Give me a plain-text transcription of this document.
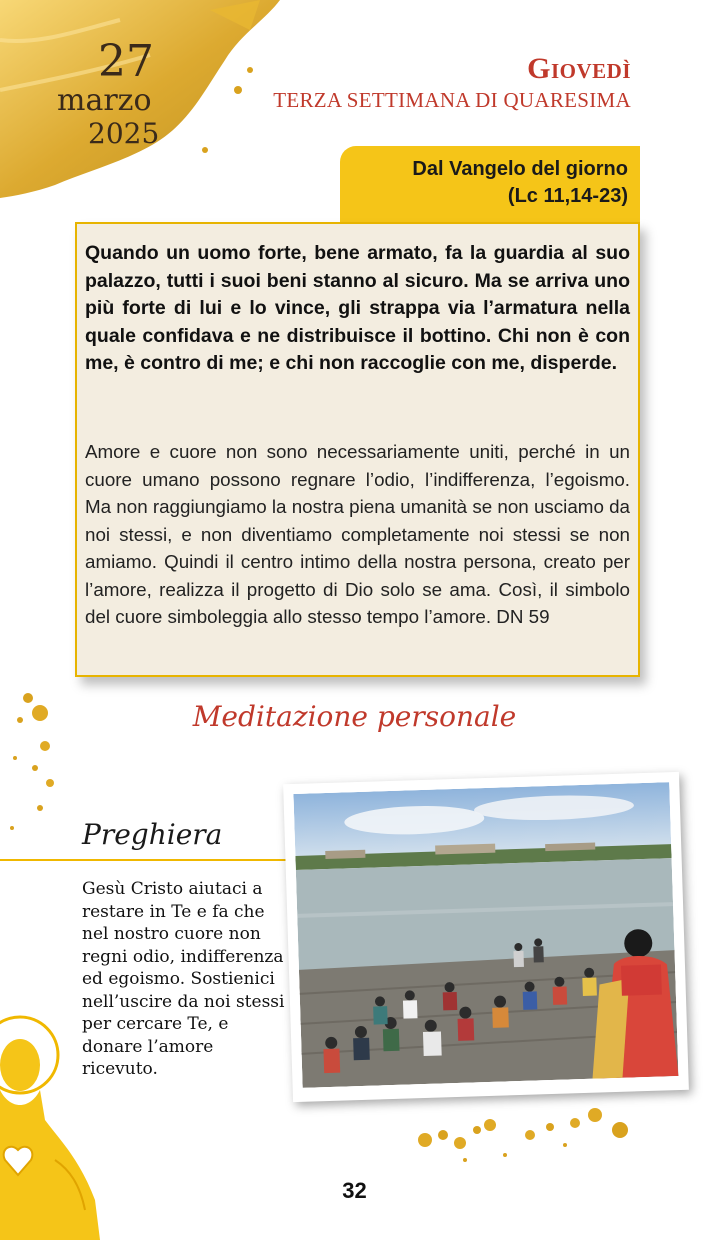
27
marzo
2025
Giovedì
TERZA SETTIMANA DI QUARESIMA
Dal Vangelo del giorno
(Lc 11,14-23)
Quando un uomo forte, bene armato, fa la guardia al suo palazzo, tutti i suoi beni stanno al sicuro. Ma se arriva uno più forte di lui e lo vince, gli strappa via l’armatura nella quale confidava e ne distribuisce il bottino. Chi non è con me, è contro di me; e chi non raccoglie con me, disperde.
Amore e cuore non sono necessariamente uniti, perché in un cuore umano possono regnare l’odio, l’indifferenza, l’egoismo. Ma non raggiungiamo la nostra piena umanità se non usciamo da noi stessi, e non diventiamo completamente noi stessi se non amiamo. Quindi il centro intimo della nostra persona, creato per l’amore, realizza il progetto di Dio solo se ama. Così, il simbolo del cuore simboleggia allo stesso tempo l’amore. DN 59
Meditazione personale
Preghiera
Gesù Cristo aiutaci a restare in Te e fa che nel nostro cuore non regni odio, indifferenza ed egoismo. Sostienici nell’uscire da noi stessi per cercare Te, e donare l’amore ricevuto.
32
